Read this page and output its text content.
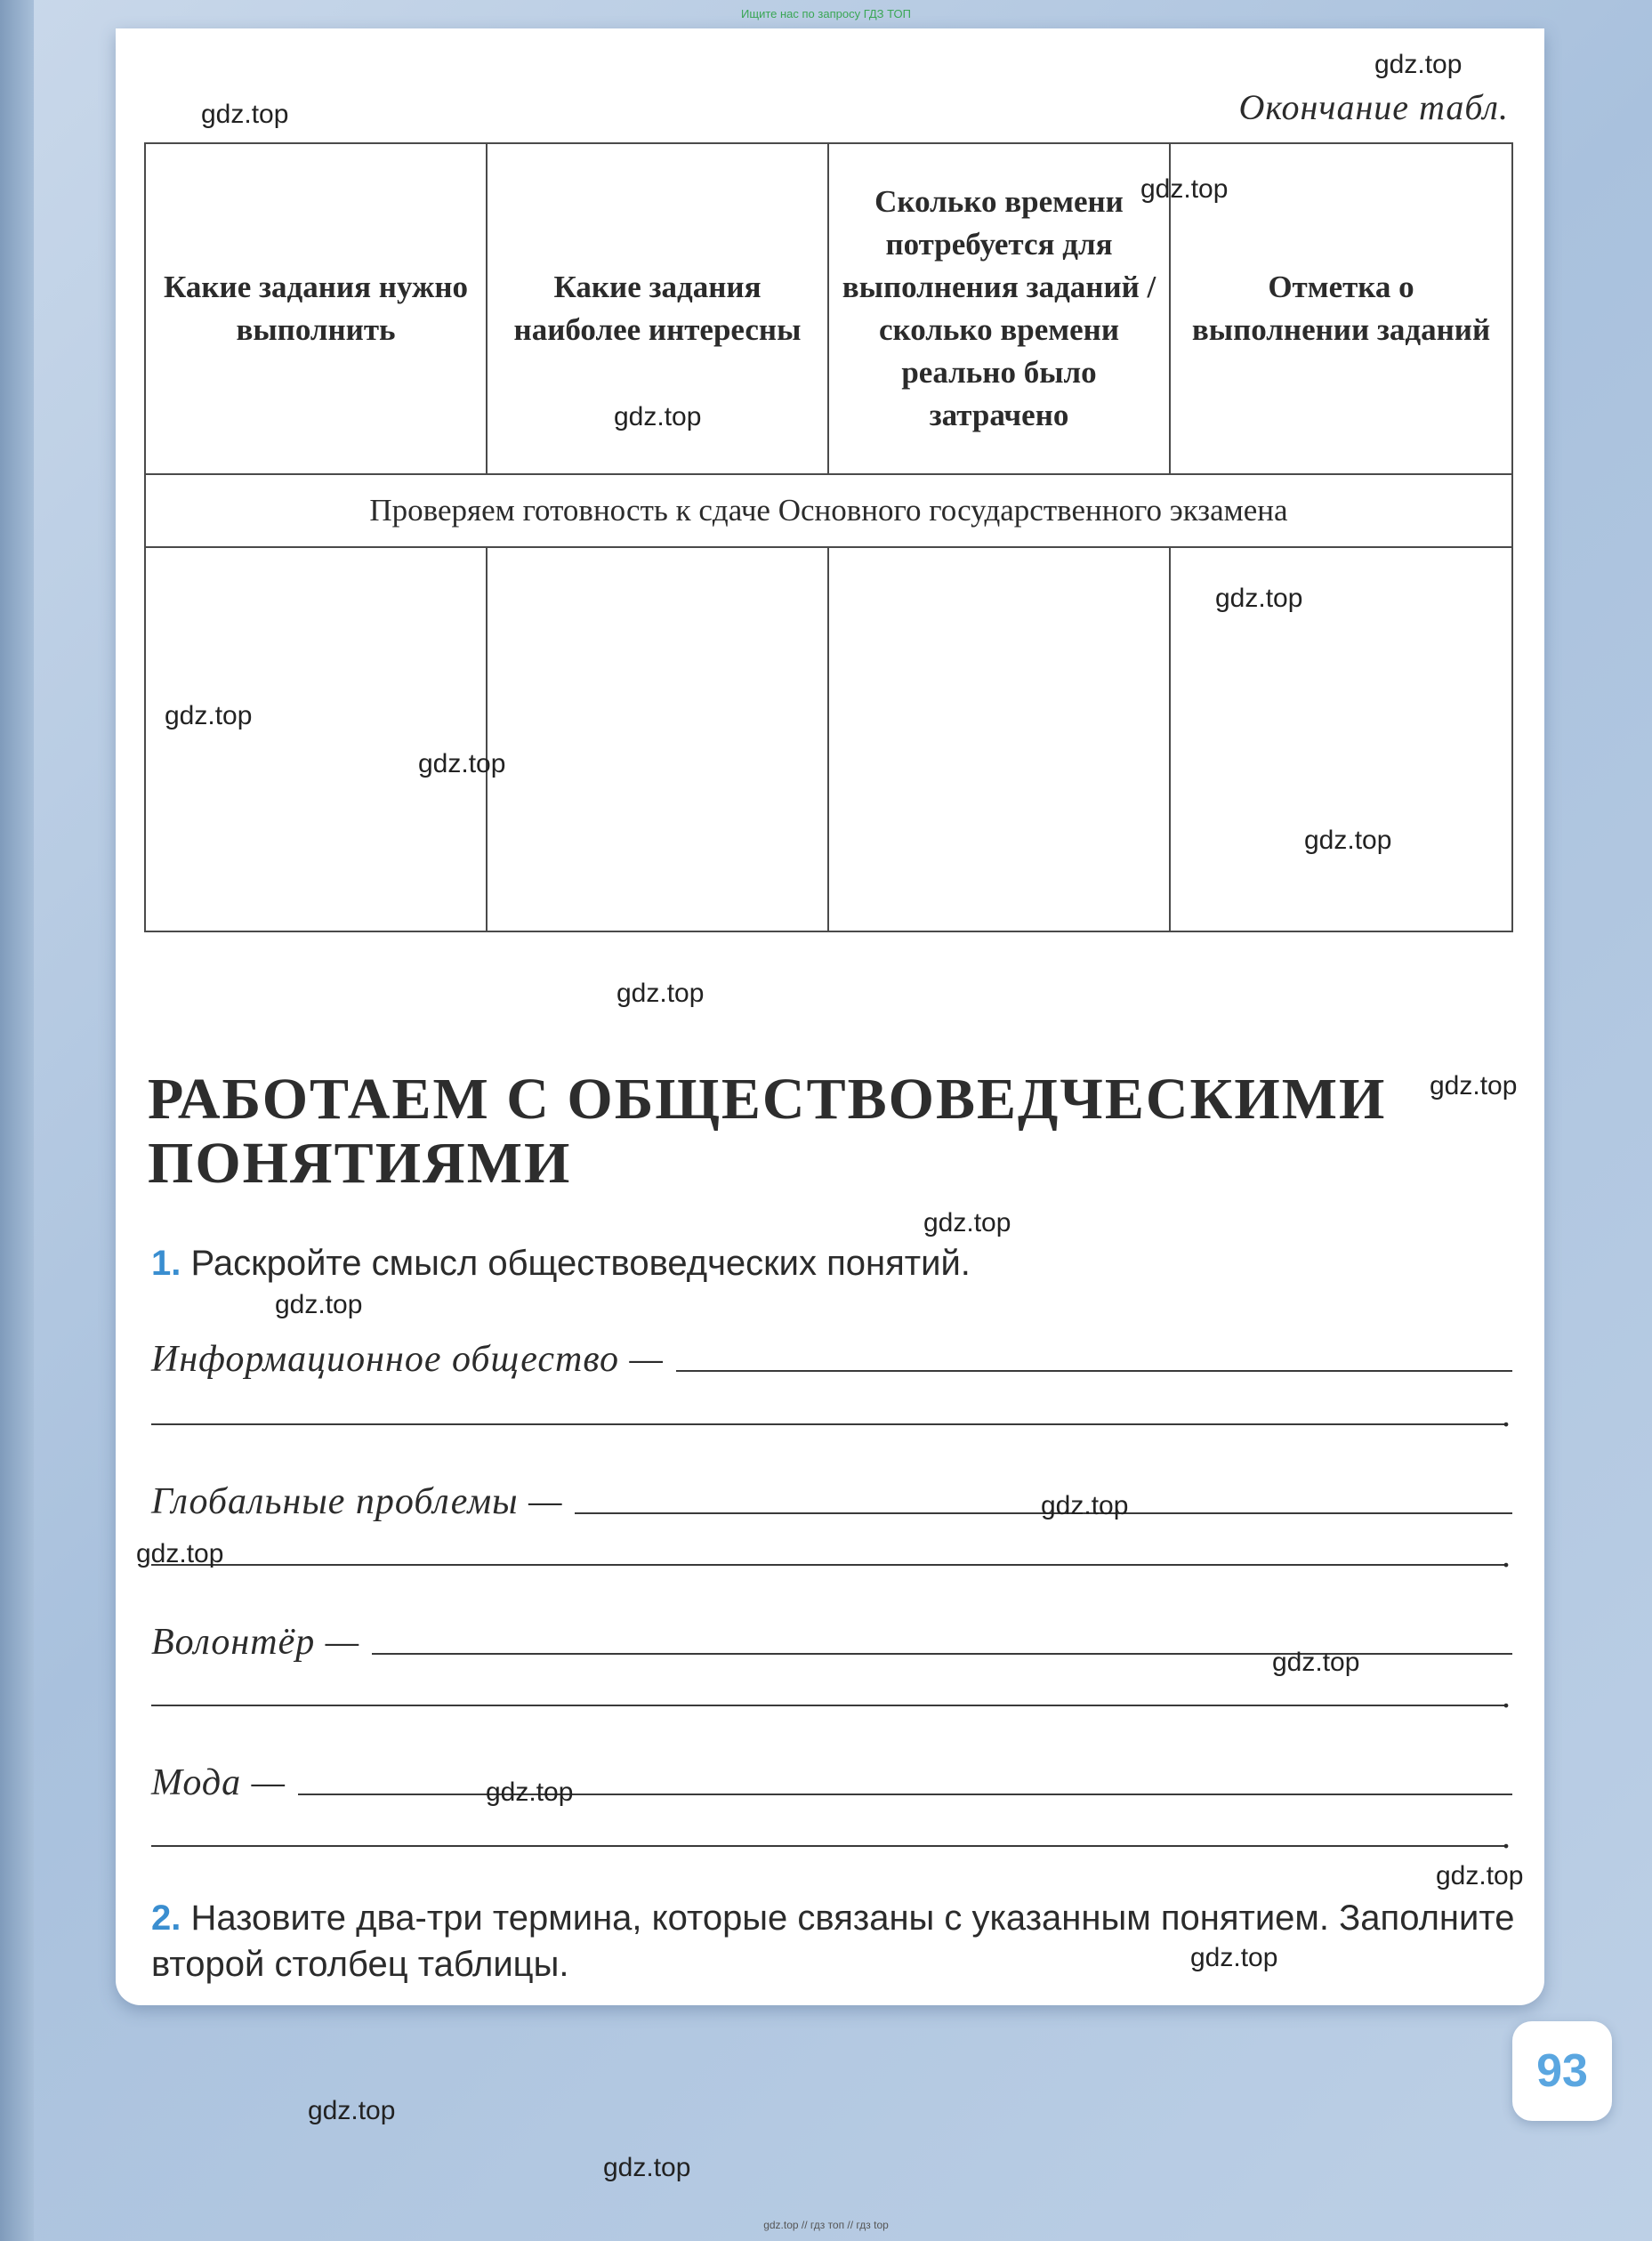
Ищите нас по запросу ГДЗ ТОП
Окончание табл.
Какие задания нужно выполнить	Какие задания наиболее интересны	Сколько времени потребуется для выполнения заданий / сколько времени реально было затрачено	Отметка о выполнении заданий
Проверяем готовность к сдаче Основного государственного экзамена			

РАБОТАЕМ С ОБЩЕСТВОВЕДЧЕСКИМИ ПОНЯТИЯМИ
1. Раскройте смысл обществоведческих понятий.
Информационное общество —
.
Глобальные проблемы —
.
Волонтёр —
.
Мода —
.
2. Назовите два-три термина, которые связаны с указанным понятием. Заполните второй столбец таблицы.
93
gdz.top
gdz.top
gdz.top
gdz.top
gdz.top
gdz.top
gdz.top
gdz.top
gdz.top
gdz.top
gdz.top
gdz.top
gdz.top
gdz.top
gdz.top
gdz.top
gdz.top
gdz.top
gdz.top
gdz.top
gdz.top // гдз топ // гдз top
